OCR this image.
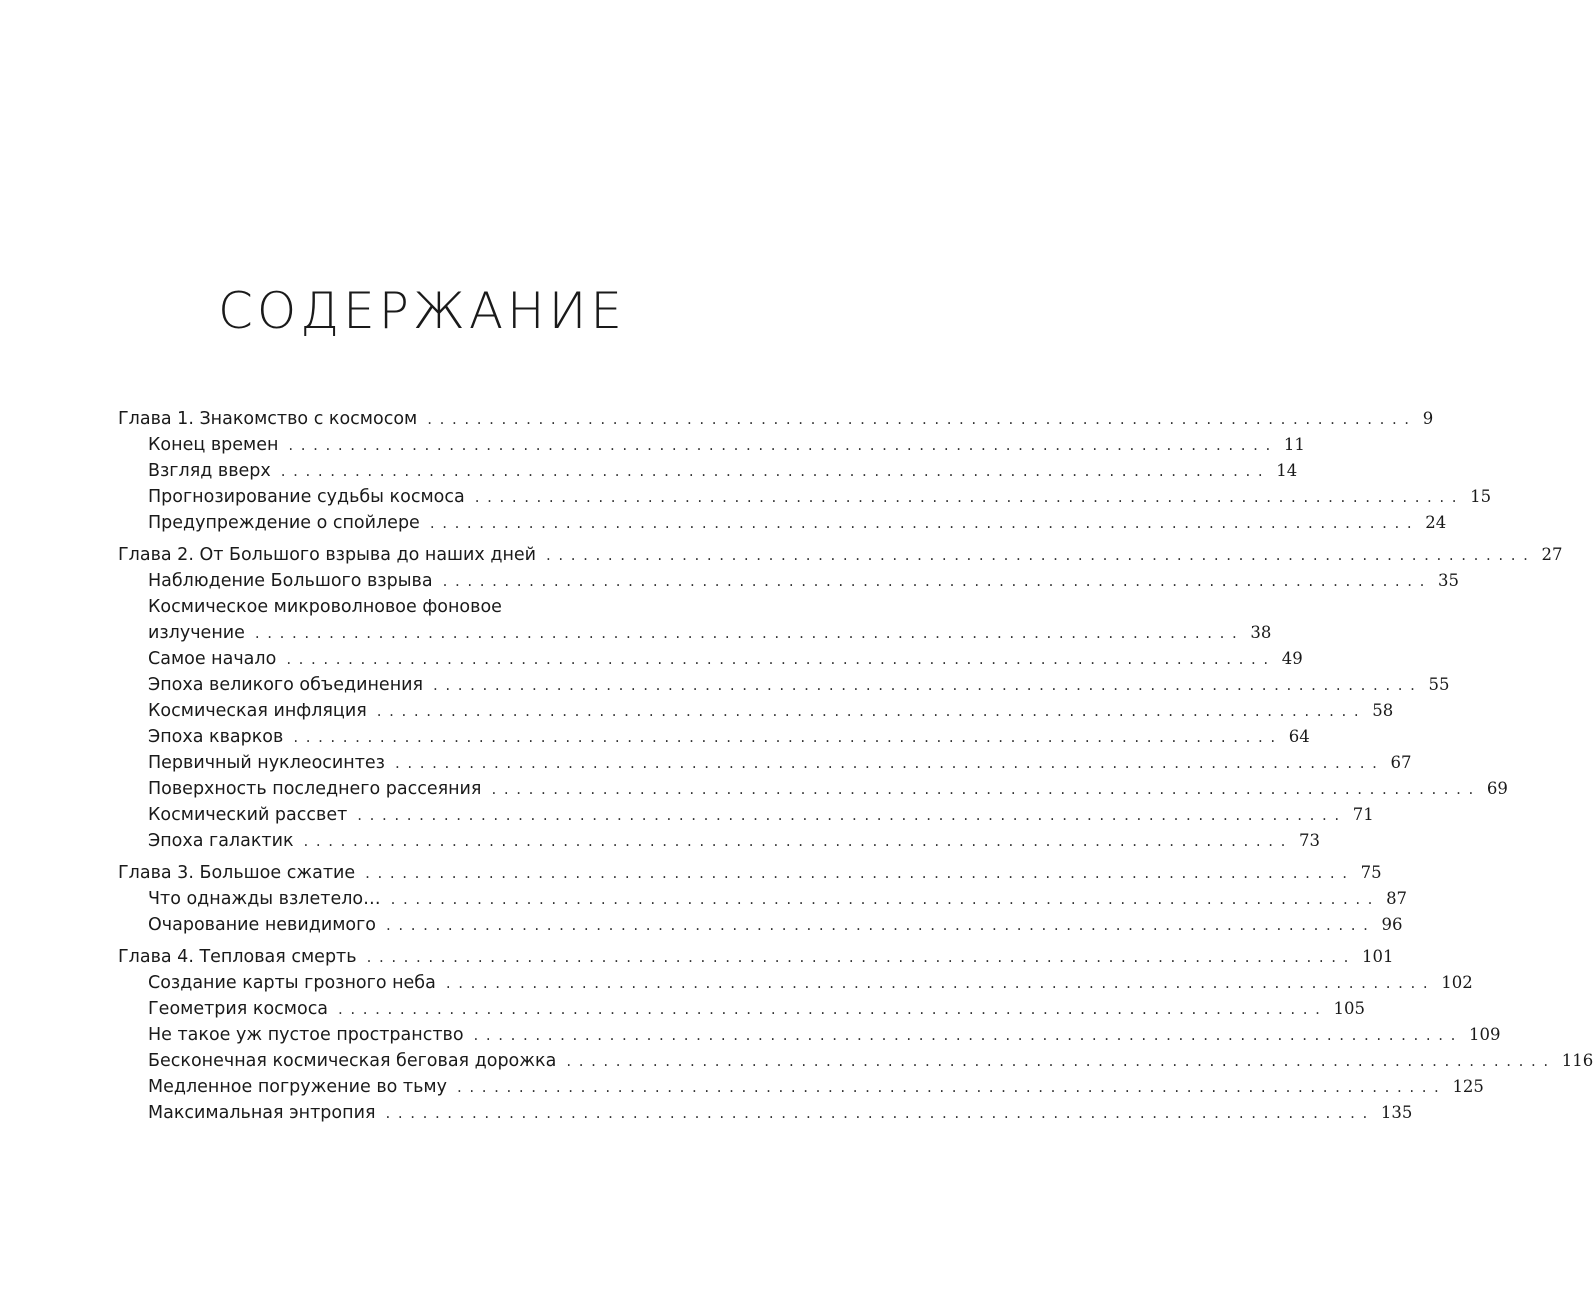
СОДЕРЖАНИЕ
Глава 1. Знакомство с космосом ................................................................................ 9
Конец времен ................................................................................ 11
Взгляд вверх ................................................................................ 14
Прогнозирование судьбы космоса ................................................................................ 15
Предупреждение о спойлере ................................................................................ 24
Глава 2. От Большого взрыва до наших дней ................................................................................ 27
Наблюдение Большого взрыва ................................................................................ 35
Космическое микроволновое фоновое
излучение ................................................................................ 38
Самое начало ................................................................................ 49
Эпоха великого объединения ................................................................................ 55
Космическая инфляция ................................................................................ 58
Эпоха кварков ................................................................................ 64
Первичный нуклеосинтез ................................................................................ 67
Поверхность последнего рассеяния ................................................................................ 69
Космический рассвет ................................................................................ 71
Эпоха галактик ................................................................................ 73
Глава 3. Большое сжатие ................................................................................ 75
Что однажды взлетело… ................................................................................ 87
Очарование невидимого ................................................................................ 96
Глава 4. Тепловая смерть ................................................................................ 101
Создание карты грозного неба ................................................................................ 102
Геометрия космоса ................................................................................ 105
Не такое уж пустое пространство ................................................................................ 109
Бесконечная космическая беговая дорожка ................................................................................ 116
Медленное погружение во тьму ................................................................................ 125
Максимальная энтропия ................................................................................ 135
